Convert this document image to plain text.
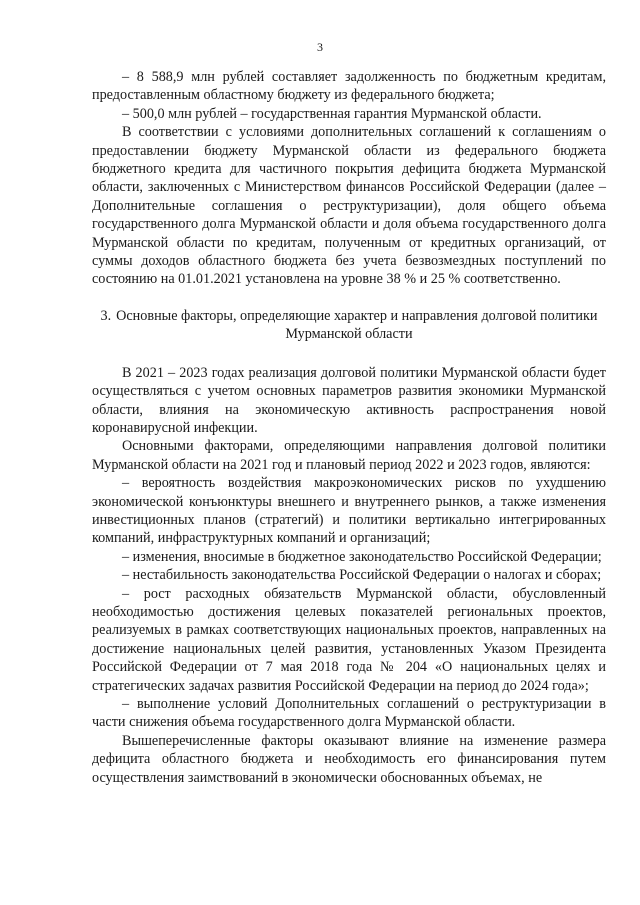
3

– 8 588,9 млн рублей составляет задолженность по бюджетным кредитам, предоставленным областному бюджету из федерального бюджета;

– 500,0 млн рублей – государственная гарантия Мурманской области.

В соответствии с условиями дополнительных соглашений к соглашениям о предоставлении бюджету Мурманской области из федерального бюджета бюджетного кредита для частичного покрытия дефицита бюджета Мурманской области, заключенных с Министерством финансов Российской Федерации (далее – Дополнительные соглашения о реструктуризации), доля общего объема государственного долга Мурманской области и доля объема государственного долга Мурманской области по кредитам, полученным от кредитных организаций, от суммы доходов областного бюджета без учета безвозмездных поступлений по состоянию на 01.01.2021 установлена на уровне 38 % и 25 % соответственно.

3. Основные факторы, определяющие характер и направления долговой политики Мурманской области

В 2021 – 2023 годах реализация долговой политики Мурманской области будет осуществляться с учетом основных параметров развития экономики Мурманской области, влияния на экономическую активность распространения новой коронавирусной инфекции.

Основными факторами, определяющими направления долговой политики Мурманской области на 2021 год и плановый период 2022 и 2023 годов, являются:

– вероятность воздействия макроэкономических рисков по ухудшению экономической конъюнктуры внешнего и внутреннего рынков, а также изменения инвестиционных планов (стратегий) и политики вертикально интегрированных компаний, инфраструктурных компаний и организаций;

– изменения, вносимые в бюджетное законодательство Российской Федерации;

– нестабильность законодательства Российской Федерации о налогах и сборах;

– рост расходных обязательств Мурманской области, обусловленный необходимостью достижения целевых показателей региональных проектов, реализуемых в рамках соответствующих национальных проектов, направленных на достижение национальных целей развития, установленных Указом Президента Российской Федерации от 7 мая 2018 года № 204 «О национальных целях и стратегических задачах развития Российской Федерации на период до 2024 года»;

– выполнение условий Дополнительных соглашений о реструктуризации в части снижения объема государственного долга Мурманской области.

Вышеперечисленные факторы оказывают влияние на изменение размера дефицита областного бюджета и необходимость его финансирования путем осуществления заимствований в экономически обоснованных объемах, не
